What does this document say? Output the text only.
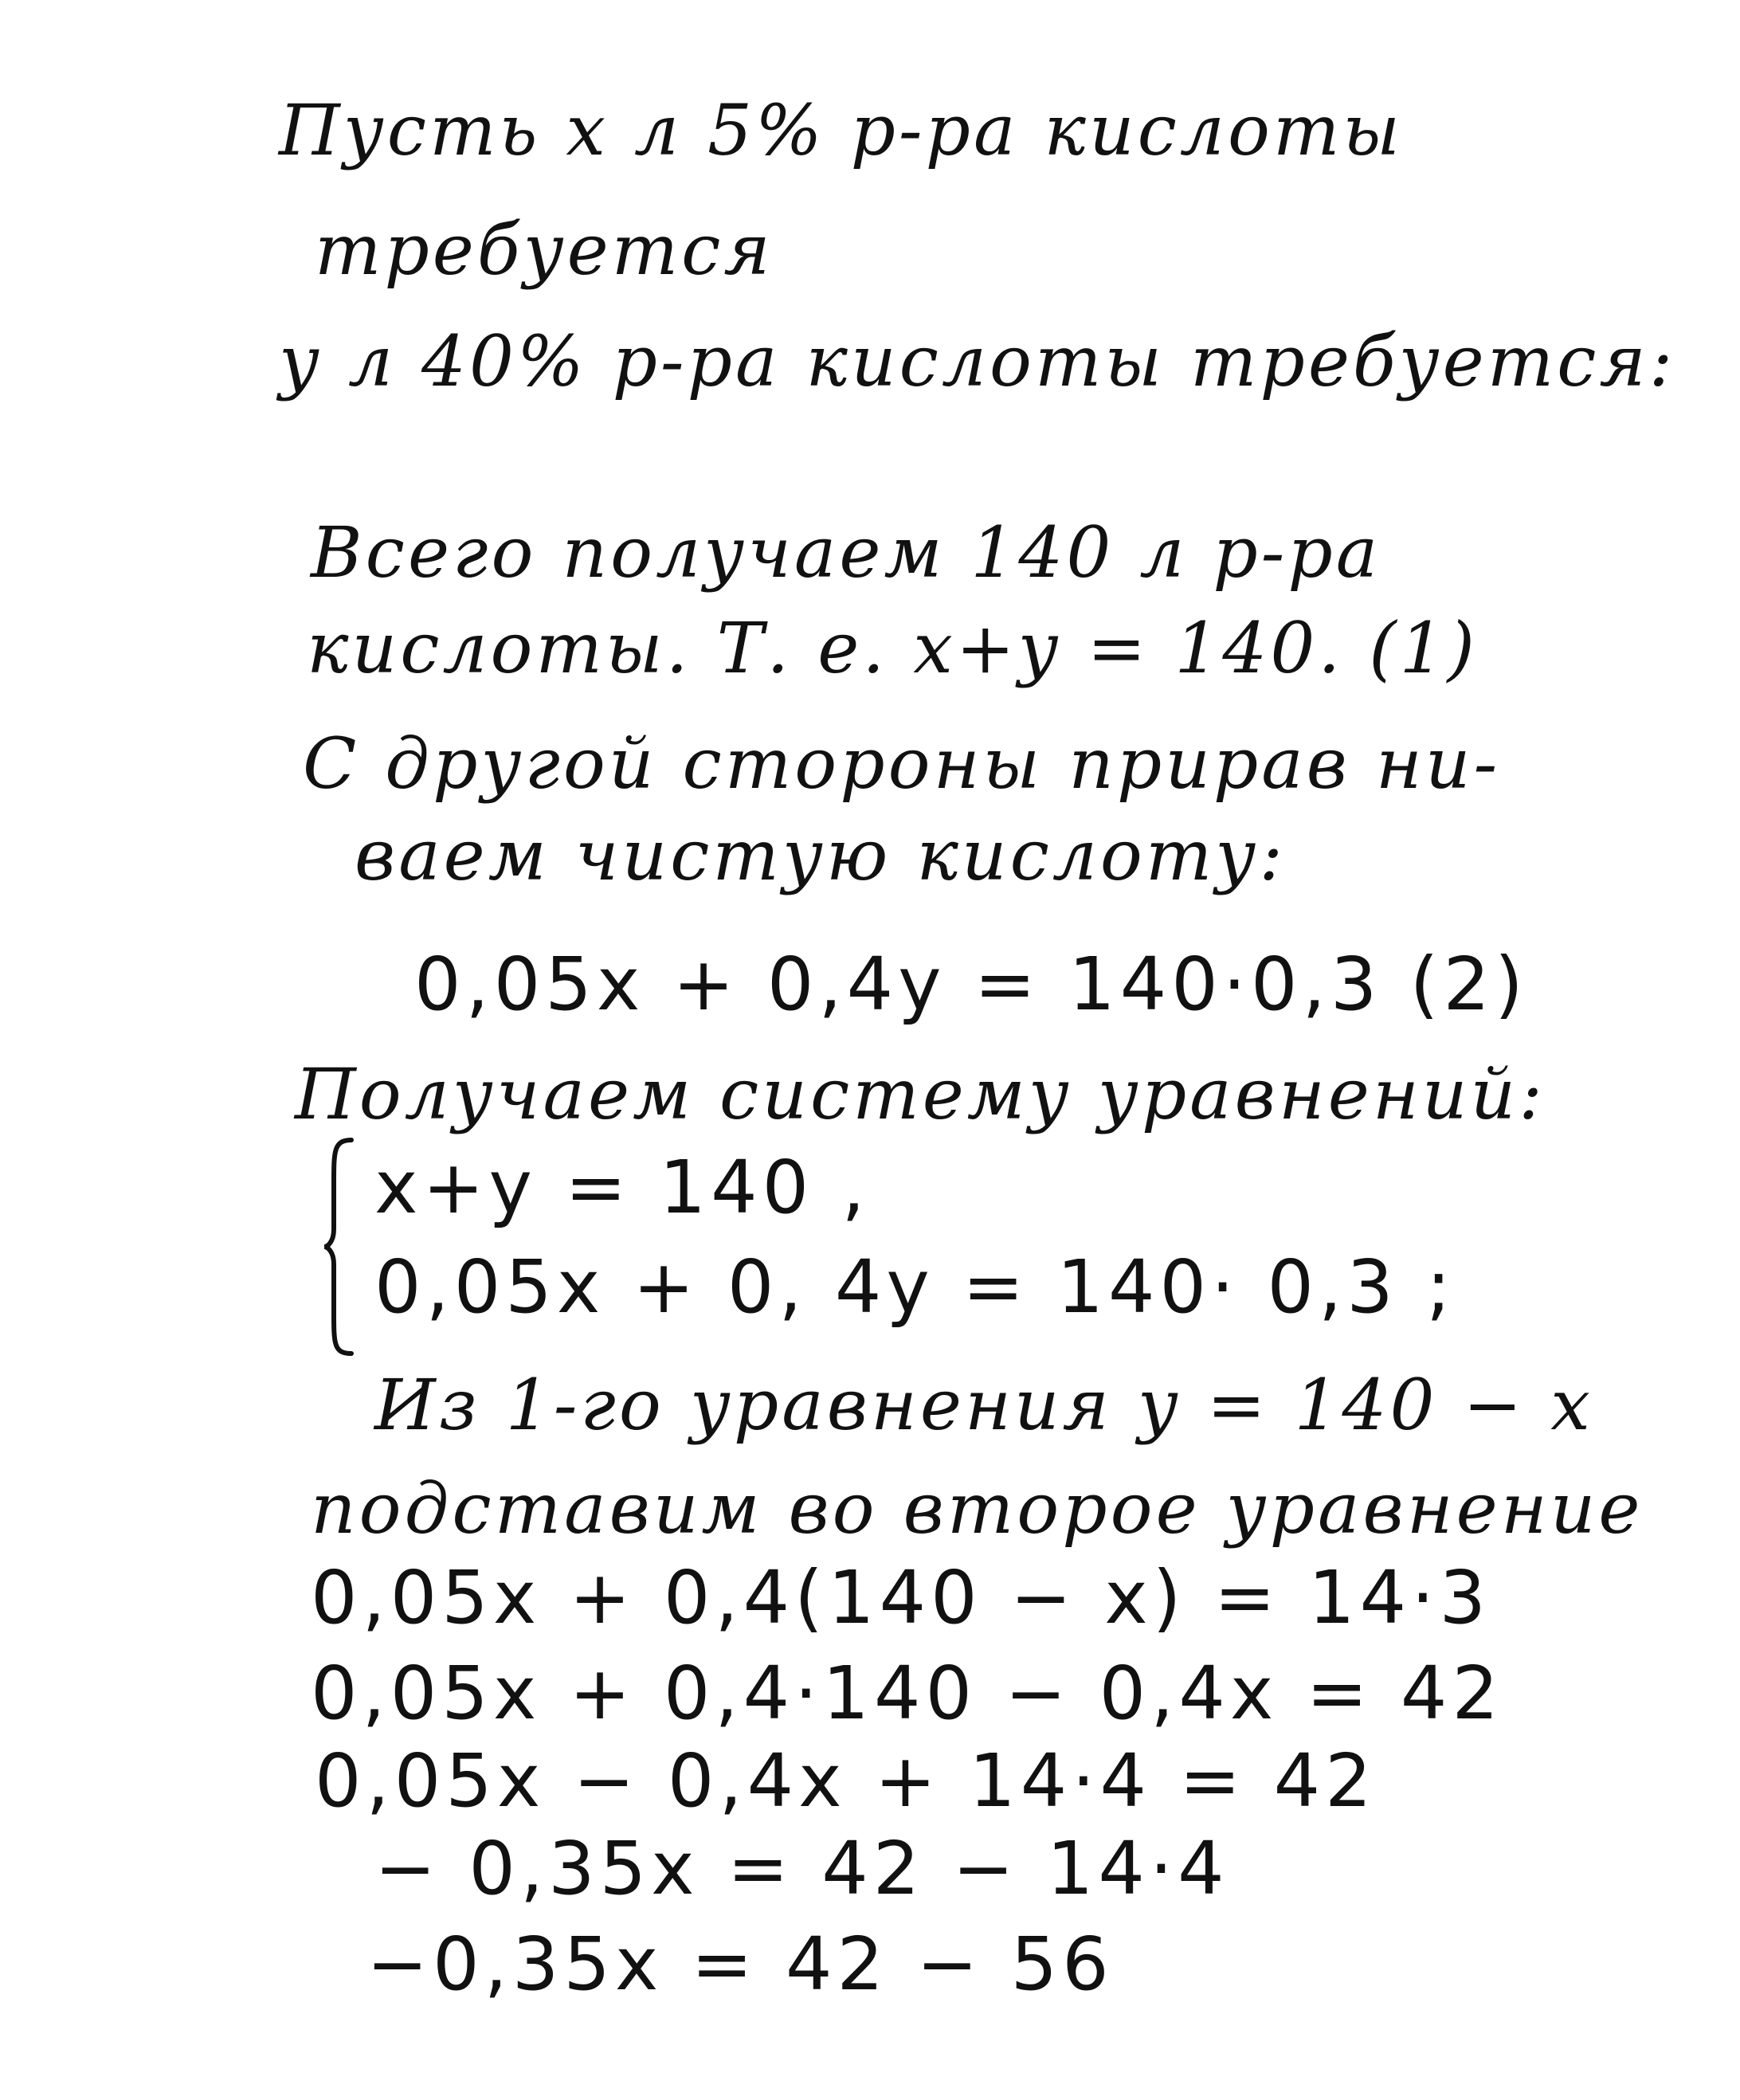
Пусть х л 5% р-ра кислоты
требуется
у л 40% р-ра кислоты требуется:
Всего получаем 140 л р-ра
кислоты. Т. е. х+у = 140. (1)
С другой стороны прирав ни-
ваем чистую кислоту:
0,05х + 0,4у = 140·0,3 (2)
Получаем систему уравнений:
х+у = 140 ,
0,05х + 0, 4у = 140· 0,3 ;
Из 1-го уравнения у = 140 − х
подставим во второе уравнение
0,05х + 0,4(140 − х) = 14·3
0,05х + 0,4·140 − 0,4х = 42
0,05х − 0,4х + 14·4 = 42
− 0,35х = 42 − 14·4
−0,35х = 42 − 56
